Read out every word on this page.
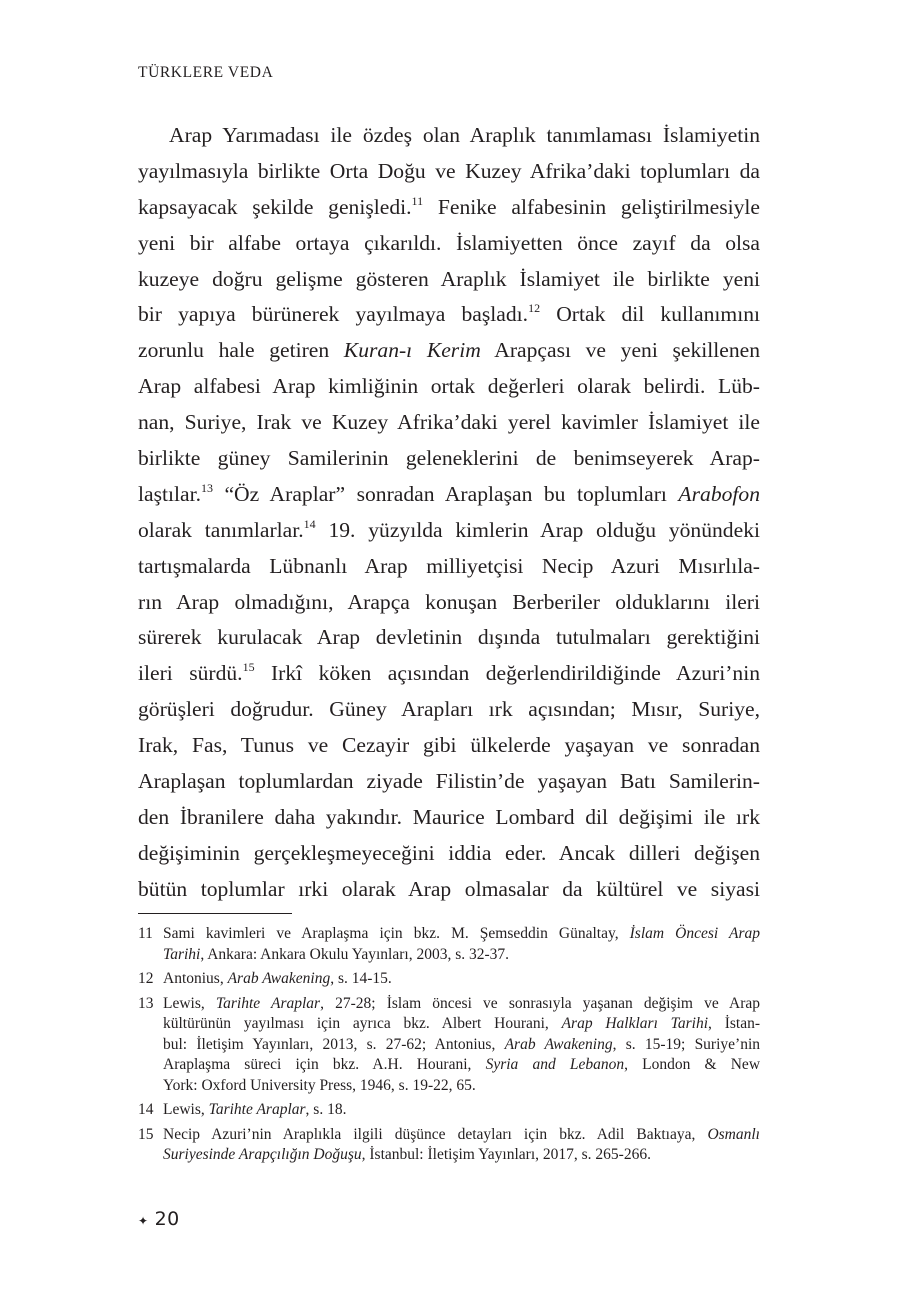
TÜRKLERE VEDA
Arap Yarımadası ile özdeş olan Araplık tanımlaması İslamiyetin
yayılmasıyla birlikte Orta Doğu ve Kuzey Afrika’daki toplumları da
kapsayacak şekilde genişledi.$^{11}$ Fenike alfabesinin geliştirilmesiyle
yeni bir alfabe ortaya çıkarıldı. İslamiyetten önce zayıf da olsa
kuzeye doğru gelişme gösteren Araplık İslamiyet ile birlikte yeni
bir yapıya bürünerek yayılmaya başladı.$^{12}$ Ortak dil kullanımını
zorunlu hale getiren Kuran-ı Kerim Arapçası ve yeni şekillenen
Arap alfabesi Arap kimliğinin ortak değerleri olarak belirdi. Lüb-
nan, Suriye, Irak ve Kuzey Afrika’daki yerel kavimler İslamiyet ile
birlikte güney Samilerinin geleneklerini de benimseyerek Arap-
laştılar.$^{13}$ “Öz Araplar” sonradan Araplaşan bu toplumları Arabofon
olarak tanımlarlar.$^{14}$ 19. yüzyılda kimlerin Arap olduğu yönündeki
tartışmalarda Lübnanlı Arap milliyetçisi Necip Azuri Mısırlıla-
rın Arap olmadığını, Arapça konuşan Berberiler olduklarını ileri
sürerek kurulacak Arap devletinin dışında tutulmaları gerektiğini
ileri sürdü.$^{15}$ Irkî köken açısından değerlendirildiğinde Azuri’nin
görüşleri doğrudur. Güney Arapları ırk açısından; Mısır, Suriye,
Irak, Fas, Tunus ve Cezayir gibi ülkelerde yaşayan ve sonradan
Araplaşan toplumlardan ziyade Filistin’de yaşayan Batı Samilerin-
den İbranilere daha yakındır. Maurice Lombard dil değişimi ile ırk
değişiminin gerçekleşmeyeceğini iddia eder. Ancak dilleri değişen
bütün toplumlar ırki olarak Arap olmasalar da kültürel ve siyasi
11 Sami kavimleri ve Araplaşma için bkz. M. Şemseddin Günaltay, İslam Öncesi Arap
Tarihi, Ankara: Ankara Okulu Yayınları, 2003, s. 32-37.
12 Antonius, Arab Awakening, s. 14-15.
13 Lewis, Tarihte Araplar, 27-28; İslam öncesi ve sonrasıyla yaşanan değişim ve Arap
kültürünün yayılması için ayrıca bkz. Albert Hourani, Arap Halkları Tarihi, İstan-
bul: İletişim Yayınları, 2013, s. 27-62; Antonius, Arab Awakening, s. 15-19; Suriye’nin
Araplaşma süreci için bkz. A.H. Hourani, Syria and Lebanon, London & New
York: Oxford University Press, 1946, s. 19-22, 65.
14 Lewis, Tarihte Araplar, s. 18.
15 Necip Azuri’nin Araplıkla ilgili düşünce detayları için bkz. Adil Baktıaya, Osmanlı
Suriyesinde Arapçılığın Doğuşu, İstanbul: İletişim Yayınları, 2017, s. 265-266.
✦ 20
